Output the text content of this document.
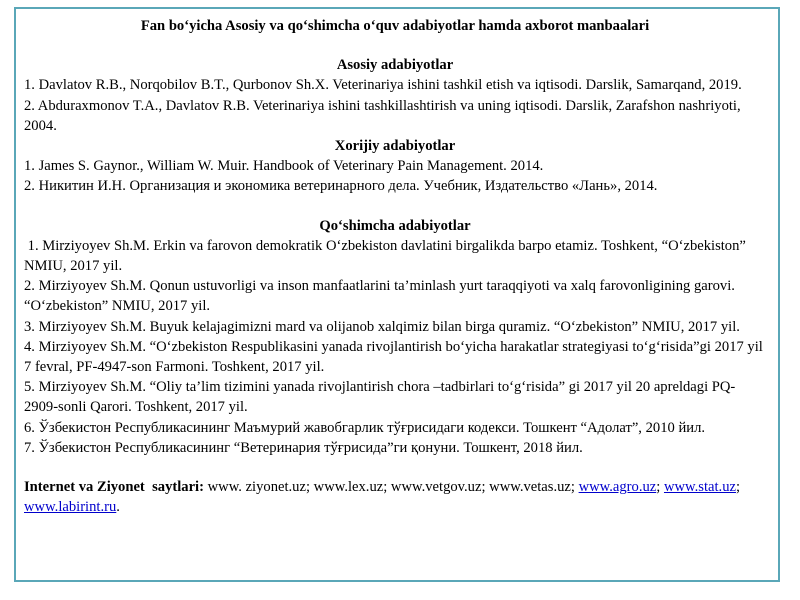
Fan bo‘yicha Asosiy va qo‘shimcha o‘quv adabiyotlar hamda axborot manbaalari

Asosiy adabiyotlar

1. Davlatov R.B., Norqobilov B.T., Qurbonov Sh.X. Veterinariya ishini tashkil etish va iqtisodi. Darslik, Samarqand, 2019.

2. Abduraxmonov T.A., Davlatov R.B. Veterinariya ishini tashkillashtirish va uning iqtisodi. Darslik, Zarafshon nashriyoti, 2004.

Xorijiy adabiyotlar

1. James S. Gaynor., William W. Muir. Handbook of Veterinary Pain Management. 2014.

2. Никитин И.Н. Организация и экономика ветеринарного дела. Учебник, Издательство «Лань», 2014.

Qo‘shimcha adabiyotlar

1. Mirziyoyev Sh.M. Erkin va farovon demokratik O‘zbekiston davlatini birgalikda barpo etamiz. Toshkent, “O‘zbekiston” NMIU, 2017 yil.

2. Mirziyoyev Sh.M. Qonun ustuvorligi va inson manfaatlarini ta’minlash yurt taraqqiyoti va xalq farovonligining garovi. “O‘zbekiston” NMIU, 2017 yil.

3. Mirziyoyev Sh.M. Buyuk kelajagimizni mard va olijanob xalqimiz bilan birga quramiz. “O‘zbekiston” NMIU, 2017 yil.

4. Mirziyoyev Sh.M. “O‘zbekiston Respublikasini yanada rivojlantirish bo‘yicha harakatlar strategiyasi to‘g‘risida”gi 2017 yil 7 fevral, PF-4947-son Farmoni. Toshkent, 2017 yil.

5. Mirziyoyev Sh.M. “Oliy ta’lim tizimini yanada rivojlantirish chora –tadbirlari to‘g‘risida” gi 2017 yil 20 apreldagi PQ-2909-sonli Qarori. Toshkent, 2017 yil.

6. Ўзбекистон Республикасининг Маъмурий жавобгарлик тўғрисидаги кодекси. Тошкент “Адолат”, 2010 йил.

7. Ўзбекистон Республикасининг “Ветеринария тўғрисида”ги қонуни. Тошкент, 2018 йил.

Internet va Ziyonet  saytlari: www. ziyonet.uz; www.lex.uz; www.vetgov.uz; www.vetas.uz; www.agro.uz; www.stat.uz; www.labirint.ru.
